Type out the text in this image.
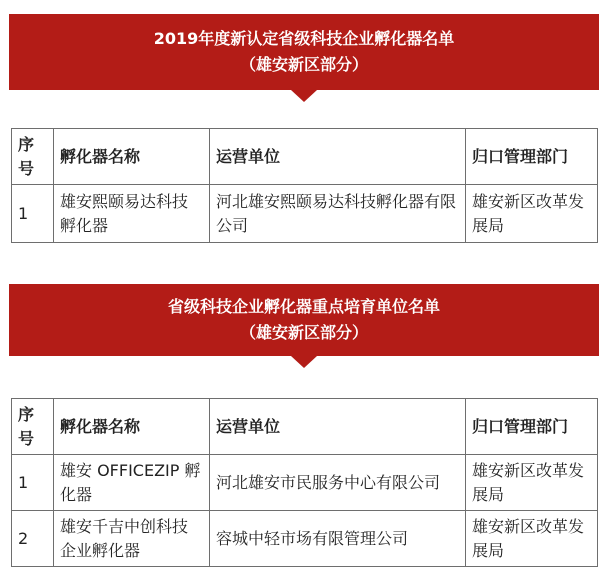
2019年度新认定省级科技企业孵化器名单
（雄安新区部分）
序号	孵化器名称	运营单位	归口管理部门
1	雄安熙颐易达科技孵化器	河北雄安熙颐易达科技孵化器有限公司	雄安新区改革发展局
省级科技企业孵化器重点培育单位名单
（雄安新区部分）
序号	孵化器名称	运营单位	归口管理部门
1	雄安 OFFICEZIP 孵化器	河北雄安市民服务中心有限公司	雄安新区改革发展局
2	雄安千吉中创科技企业孵化器	容城中轻市场有限管理公司	雄安新区改革发展局
